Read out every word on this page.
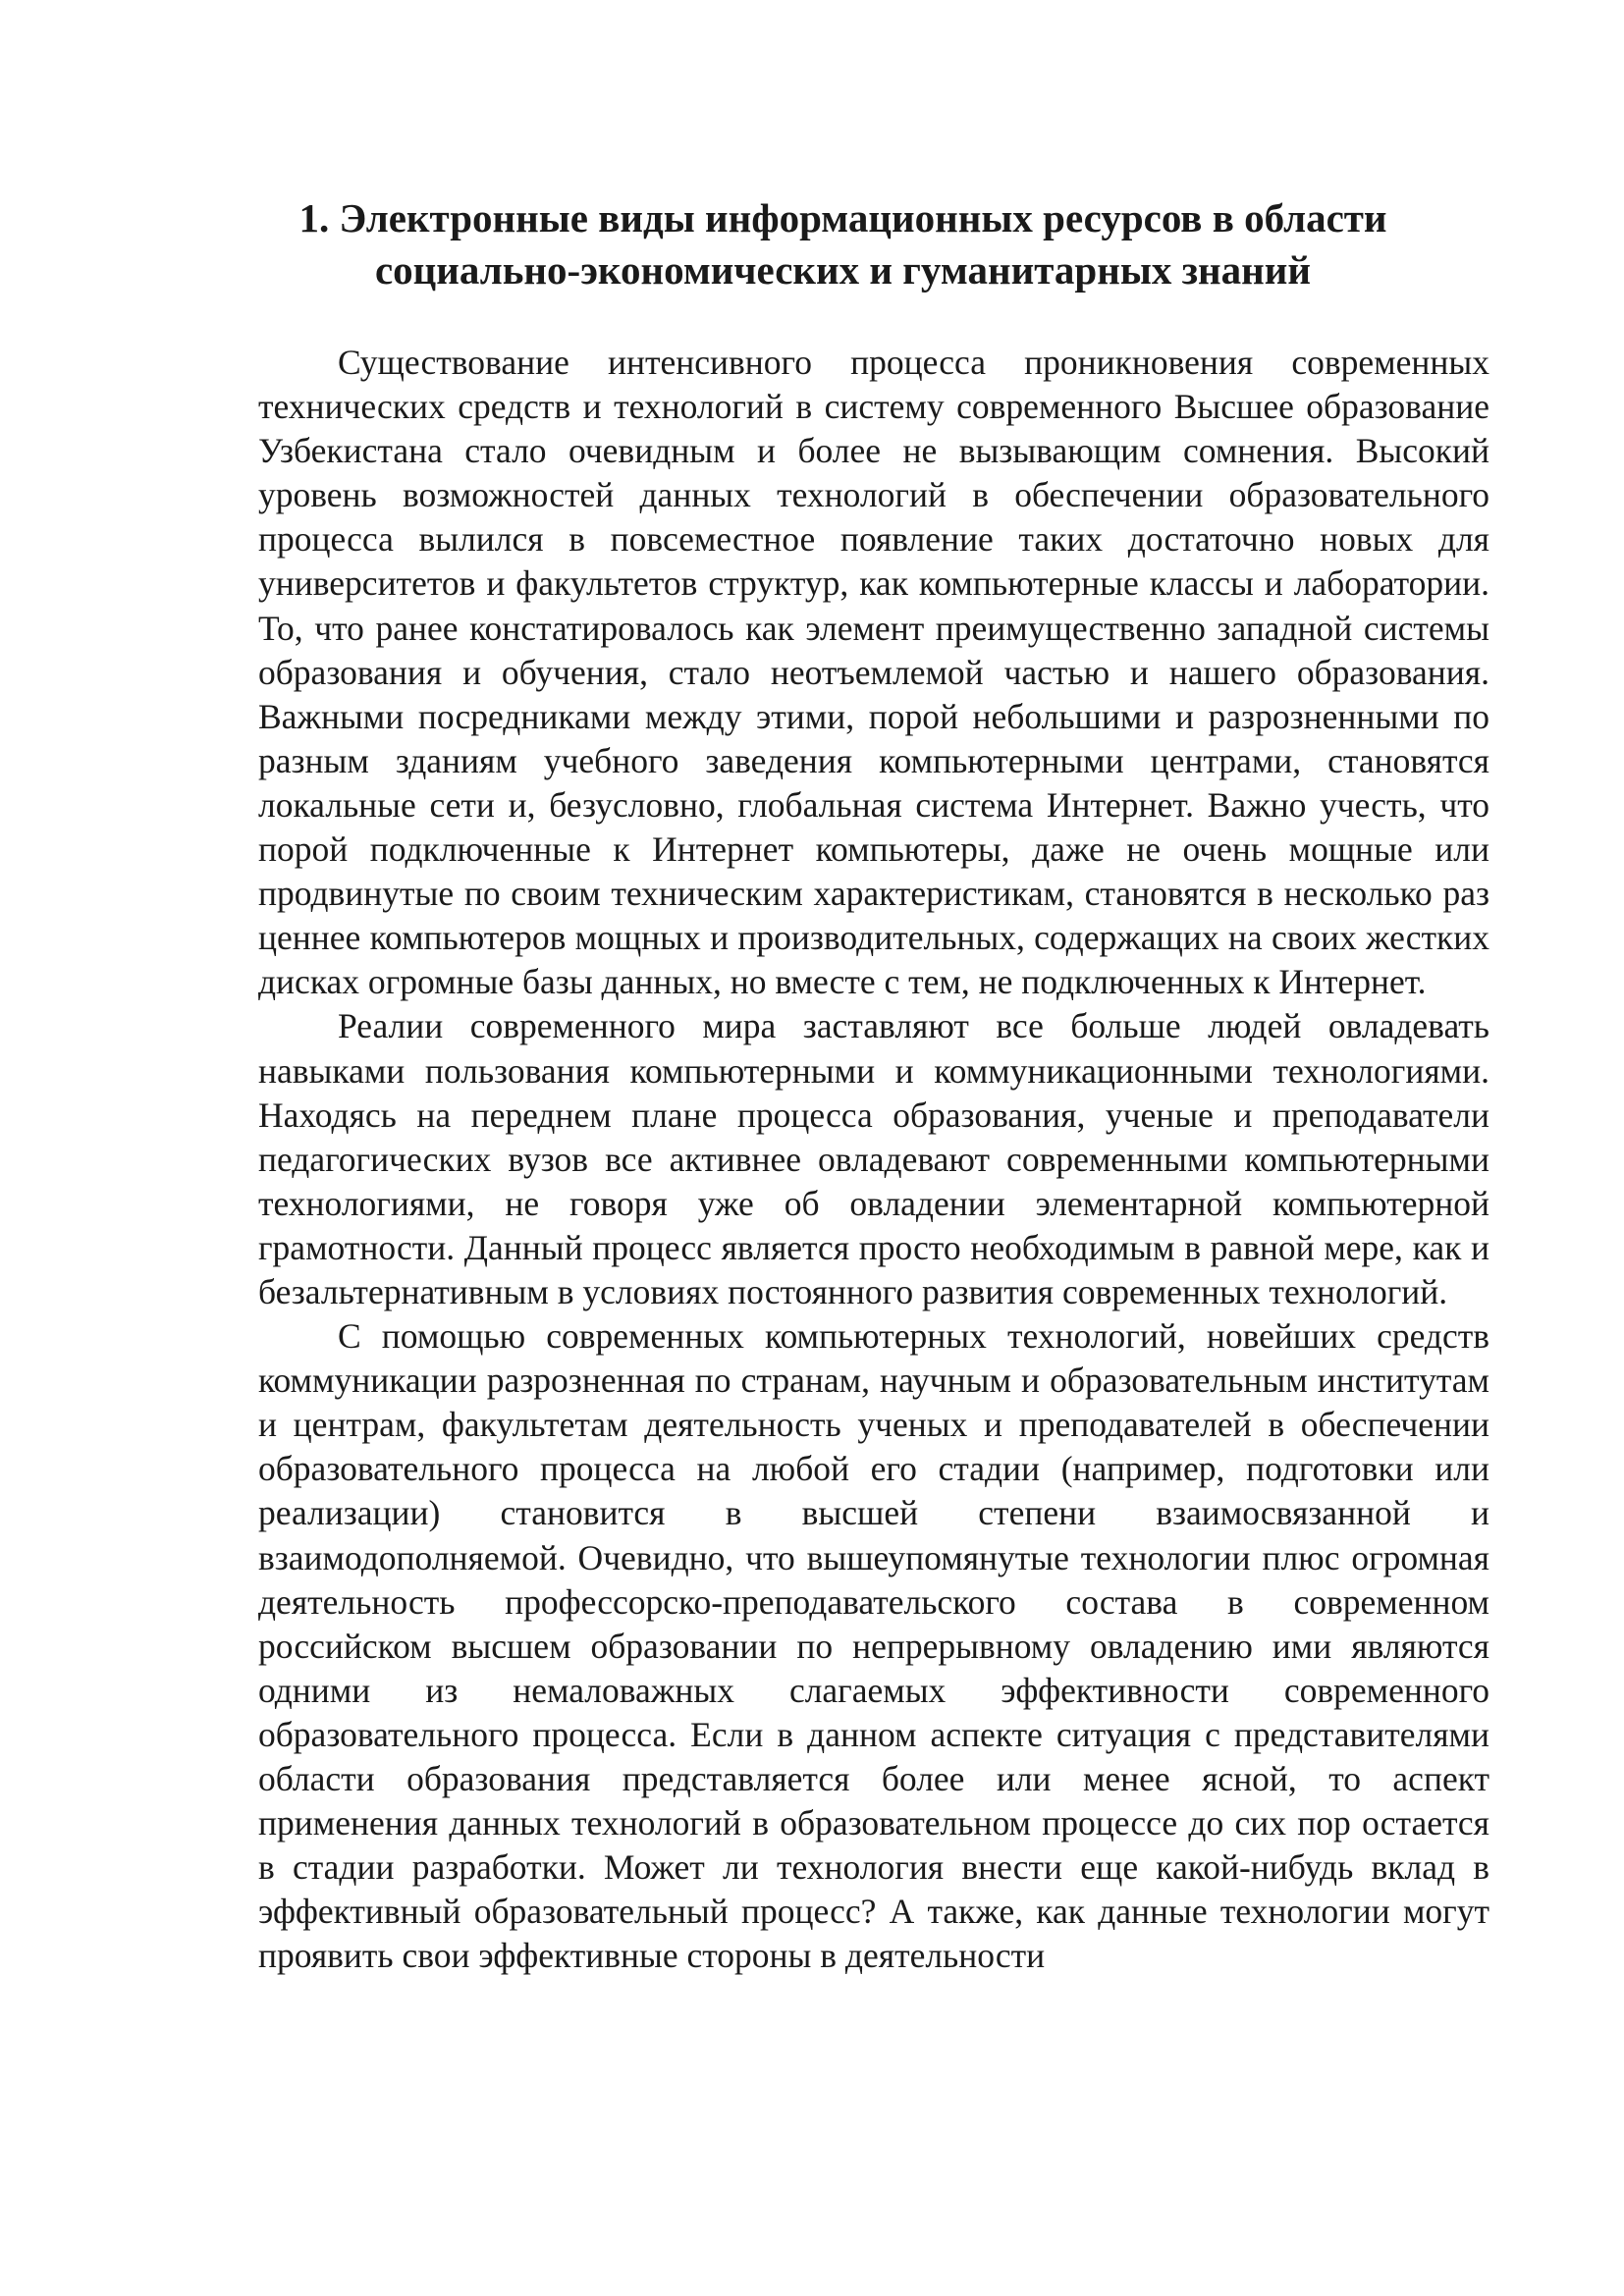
1. Электронные виды информационных ресурсов в области
социально-экономических и гуманитарных знаний

Существование интенсивного процесса проникновения современных технических средств и технологий в систему современного Высшее образование Узбекистана стало очевидным и более не вызывающим сомнения. Высокий уровень возможностей данных технологий в обеспечении образовательного процесса вылился в повсеместное появление таких достаточно новых для университетов и факультетов структур, как компьютерные классы и лаборатории. То, что ранее констатировалось как элемент преимущественно западной системы образования и обучения, стало неотъемлемой частью и нашего образования. Важными посредниками между этими, порой небольшими и разрозненными по разным зданиям учебного заведения компьютерными центрами, становятся локальные сети и, безусловно, глобальная система Интернет. Важно учесть, что порой подключенные к Интернет компьютеры, даже не очень мощные или продвинутые по своим техническим характеристикам, становятся в несколько раз ценнее компьютеров мощных и производительных, содержащих на своих жестких дисках огромные базы данных, но вместе с тем, не подключенных к Интернет.

Реалии современного мира заставляют все больше людей овладевать навыками пользования компьютерными и коммуникационными технологиями. Находясь на переднем плане процесса образования, ученые и преподаватели педагогических вузов все активнее овладевают современными компьютерными технологиями, не говоря уже об овладении элементарной компьютерной грамотности. Данный процесс является просто необходимым в равной мере, как и безальтернативным в условиях постоянного развития современных технологий.

С помощью современных компьютерных технологий, новейших средств коммуникации разрозненная по странам, научным и образовательным институтам и центрам, факультетам деятельность ученых и преподавателей в обеспечении образовательного процесса на любой его стадии (например, подготовки или реализации) становится в высшей степени взаимосвязанной и взаимодополняемой. Очевидно, что вышеупомянутые технологии плюс огромная деятельность профессорско-преподавательского состава в современном российском высшем образовании по непрерывному овладению ими являются одними из немаловажных слагаемых эффективности современного образовательного процесса. Если в данном аспекте ситуация с представителями области образования представляется более или менее ясной, то аспект применения данных технологий в образовательном процессе до сих пор остается в стадии разработки. Может ли технология внести еще какой-нибудь вклад в эффективный образовательный процесс? А также, как данные технологии могут проявить свои эффективные стороны в деятельности
